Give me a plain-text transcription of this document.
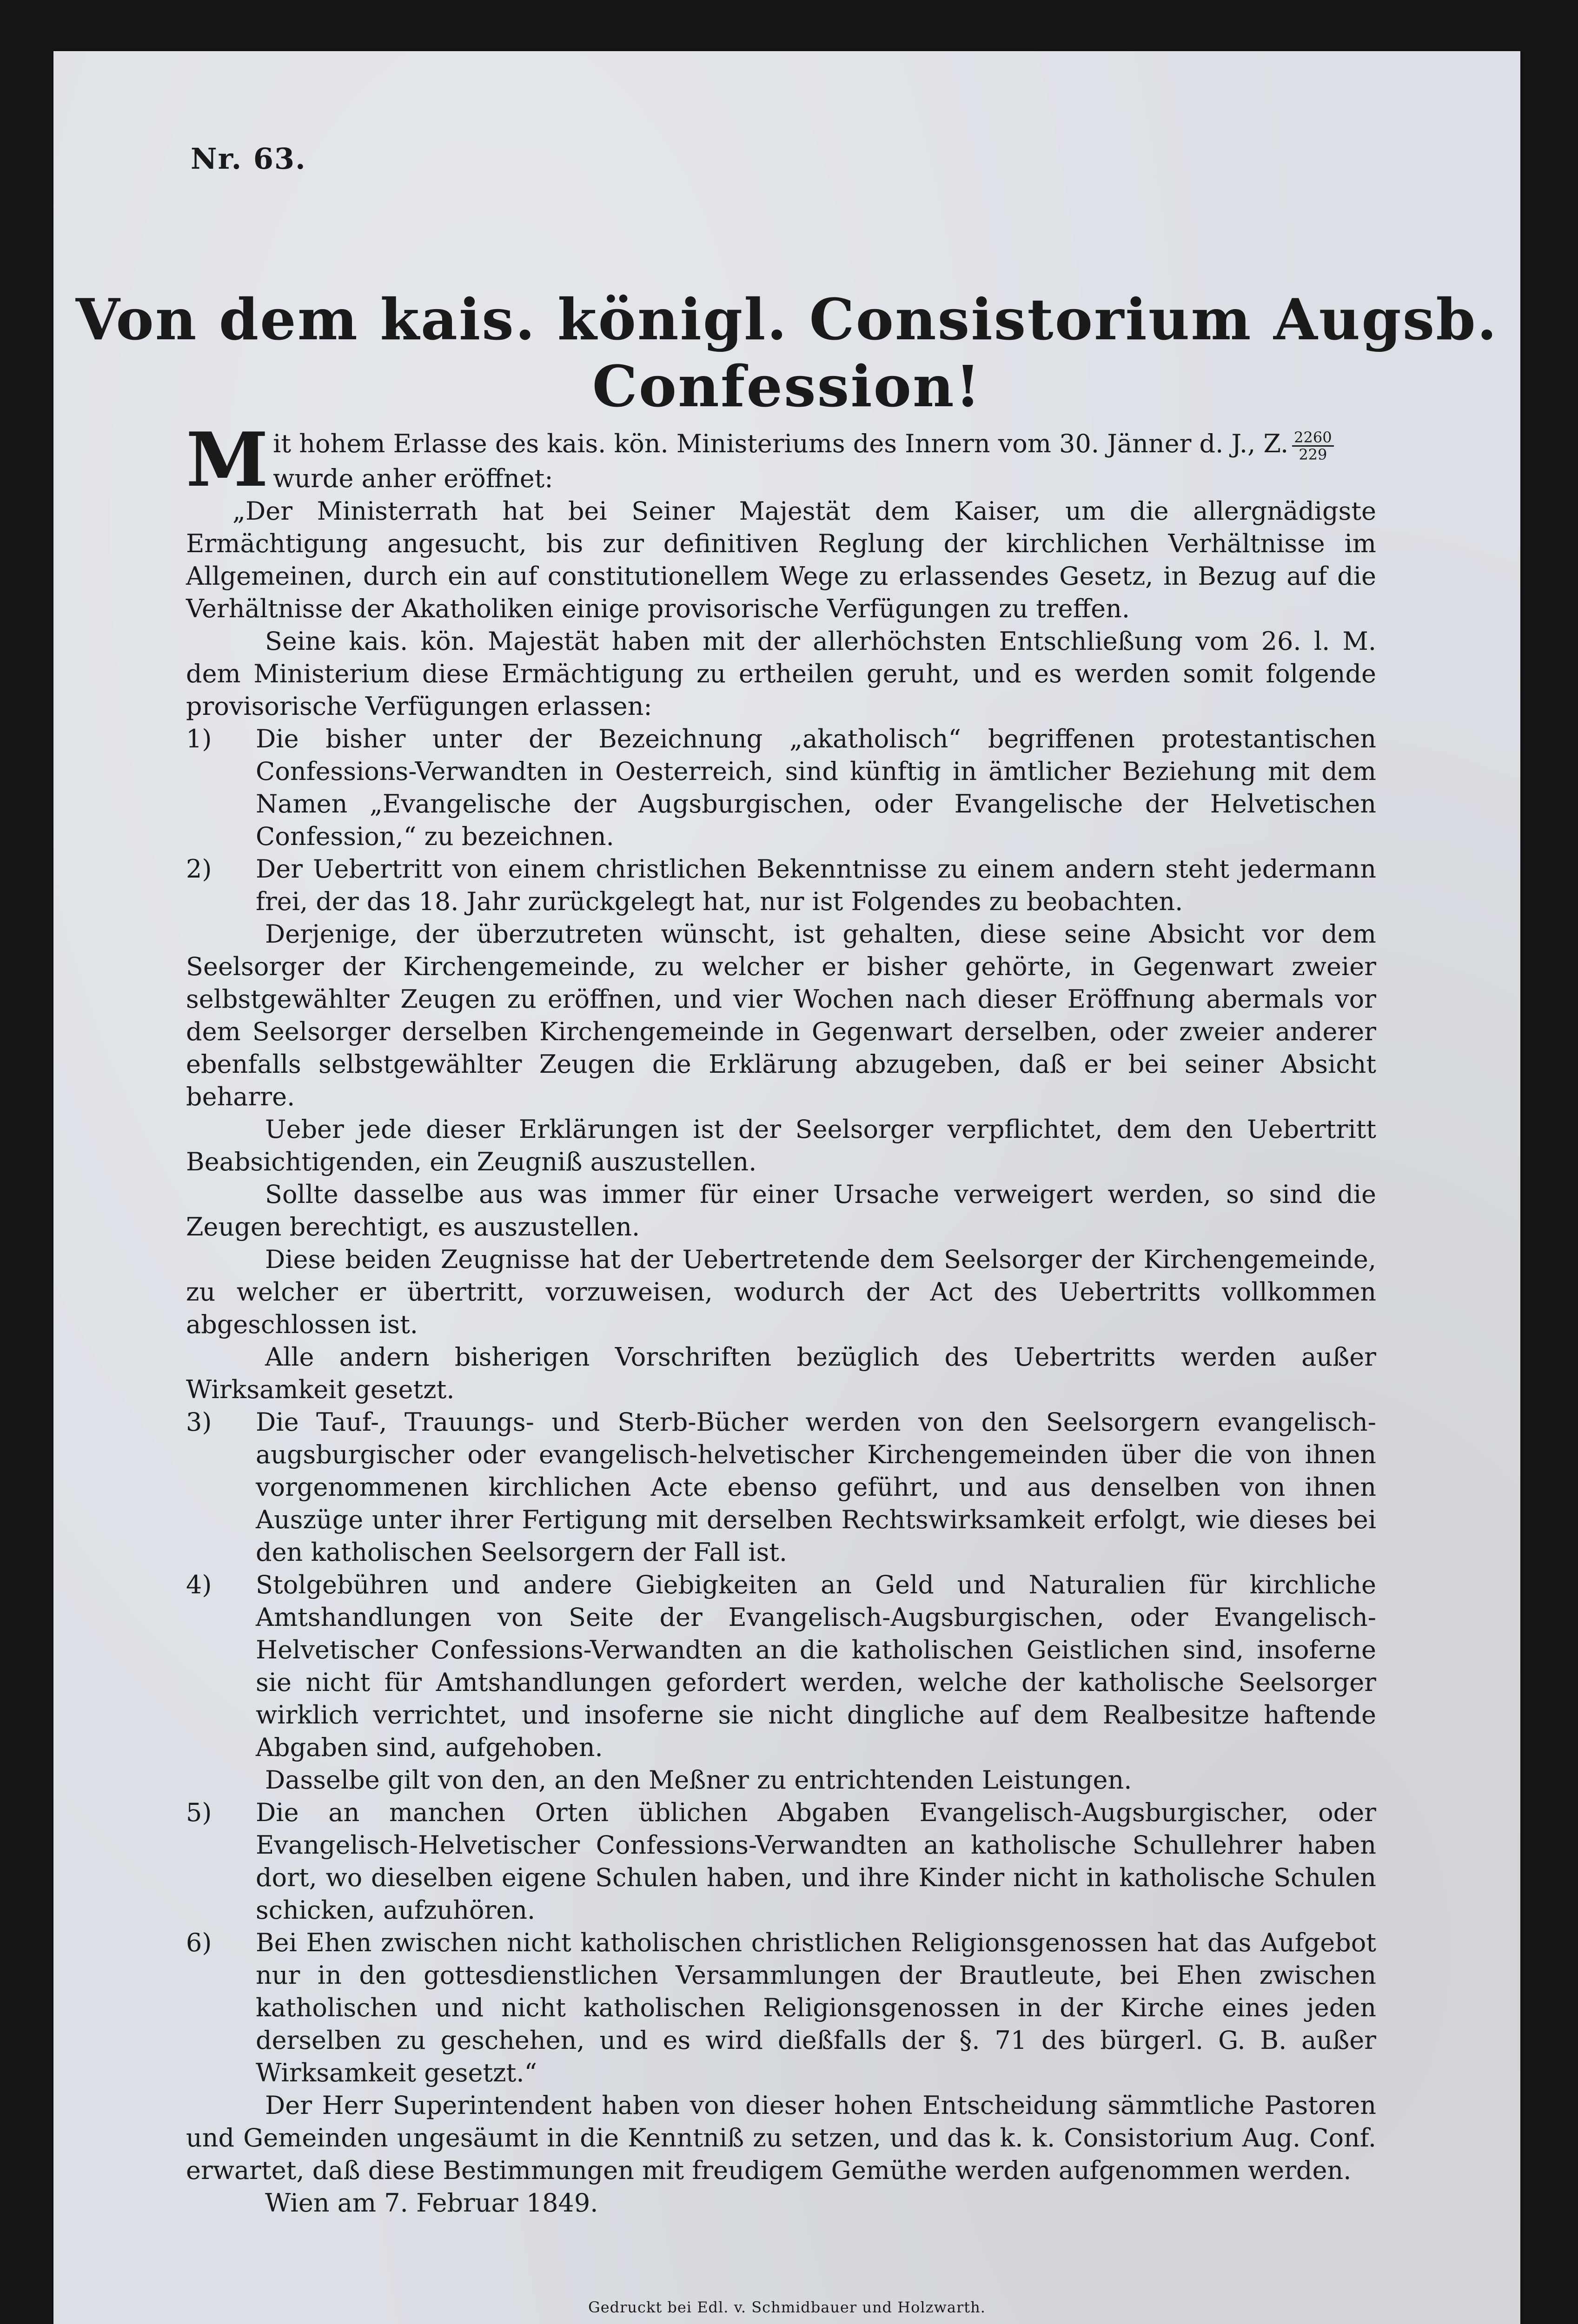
Nr. 63.
Von dem kais. königl. Consistorium Augsb. Confession!

Mit hohem Erlasse des kais. kön. Ministeriums des Innern vom 30. Jänner d. J., Z. $\frac{2260}{229}$

wurde anher eröffnet:

„Der Ministerrath hat bei Seiner Majestät dem Kaiser, um die allergnädigste Ermächtigung angesucht, bis zur definitiven Reglung der kirchlichen Verhältnisse im Allgemeinen, durch ein auf constitutionellem Wege zu erlassendes Gesetz, in Bezug auf die Verhältnisse der Akatholiken einige provisorische Verfügungen zu treffen.

Seine kais. kön. Majestät haben mit der allerhöchsten Entschließung vom 26. l. M. dem Ministerium diese Ermächtigung zu ertheilen geruht, und es werden somit folgende provisorische Verfügungen erlassen:

1) Die bisher unter der Bezeichnung „akatholisch“ begriffenen protestantischen Confessions-Verwandten in Oesterreich, sind künftig in ämtlicher Beziehung mit dem Namen „Evangelische der Augsburgischen, oder Evangelische der Helvetischen Confession,“ zu bezeichnen.

2) Der Uebertritt von einem christlichen Bekenntnisse zu einem andern steht jedermann frei, der das 18. Jahr zurückgelegt hat, nur ist Folgendes zu beobachten.

Derjenige, der überzutreten wünscht, ist gehalten, diese seine Absicht vor dem Seelsorger der Kirchengemeinde, zu welcher er bisher gehörte, in Gegenwart zweier selbstgewählter Zeugen zu eröffnen, und vier Wochen nach dieser Eröffnung abermals vor dem Seelsorger derselben Kirchengemeinde in Gegenwart derselben, oder zweier anderer ebenfalls selbstgewählter Zeugen die Erklärung abzugeben, daß er bei seiner Absicht beharre.

Ueber jede dieser Erklärungen ist der Seelsorger verpflichtet, dem den Uebertritt Beabsichtigenden, ein Zeugniß auszustellen.

Sollte dasselbe aus was immer für einer Ursache verweigert werden, so sind die Zeugen berechtigt, es auszustellen.

Diese beiden Zeugnisse hat der Uebertretende dem Seelsorger der Kirchengemeinde, zu welcher er übertritt, vorzuweisen, wodurch der Act des Uebertritts vollkommen abgeschlossen ist.

Alle andern bisherigen Vorschriften bezüglich des Uebertritts werden außer Wirksamkeit gesetzt.

3) Die Tauf-, Trauungs- und Sterb-Bücher werden von den Seelsorgern evangelisch-augsburgischer oder evangelisch-helvetischer Kirchengemeinden über die von ihnen vorgenommenen kirchlichen Acte ebenso geführt, und aus denselben von ihnen Auszüge unter ihrer Fertigung mit derselben Rechtswirksamkeit erfolgt, wie dieses bei den katholischen Seelsorgern der Fall ist.

4) Stolgebühren und andere Giebigkeiten an Geld und Naturalien für kirchliche Amtshandlungen von Seite der Evangelisch-Augsburgischen, oder Evangelisch-Helvetischer Confessions-Verwandten an die katholischen Geistlichen sind, insoferne sie nicht für Amtshandlungen gefordert werden, welche der katholische Seelsorger wirklich verrichtet, und insoferne sie nicht dingliche auf dem Realbesitze haftende Abgaben sind, aufgehoben.

Dasselbe gilt von den, an den Meßner zu entrichtenden Leistungen.

5) Die an manchen Orten üblichen Abgaben Evangelisch-Augsburgischer, oder Evangelisch-Helvetischer Confessions-Verwandten an katholische Schullehrer haben dort, wo dieselben eigene Schulen haben, und ihre Kinder nicht in katholische Schulen schicken, aufzuhören.

6) Bei Ehen zwischen nicht katholischen christlichen Religionsgenossen hat das Aufgebot nur in den gottesdienstlichen Versammlungen der Brautleute, bei Ehen zwischen katholischen und nicht katholischen Religionsgenossen in der Kirche eines jeden derselben zu geschehen, und es wird dießfalls der §. 71 des bürgerl. G. B. außer Wirksamkeit gesetzt.“

Der Herr Superintendent haben von dieser hohen Entscheidung sämmtliche Pastoren und Gemeinden ungesäumt in die Kenntniß zu setzen, und das k. k. Consistorium Aug. Conf. erwartet, daß diese Bestimmungen mit freudigem Gemüthe werden aufgenommen werden.

Wien am 7. Februar 1849.

Gedruckt bei Edl. v. Schmidbauer und Holzwarth.
